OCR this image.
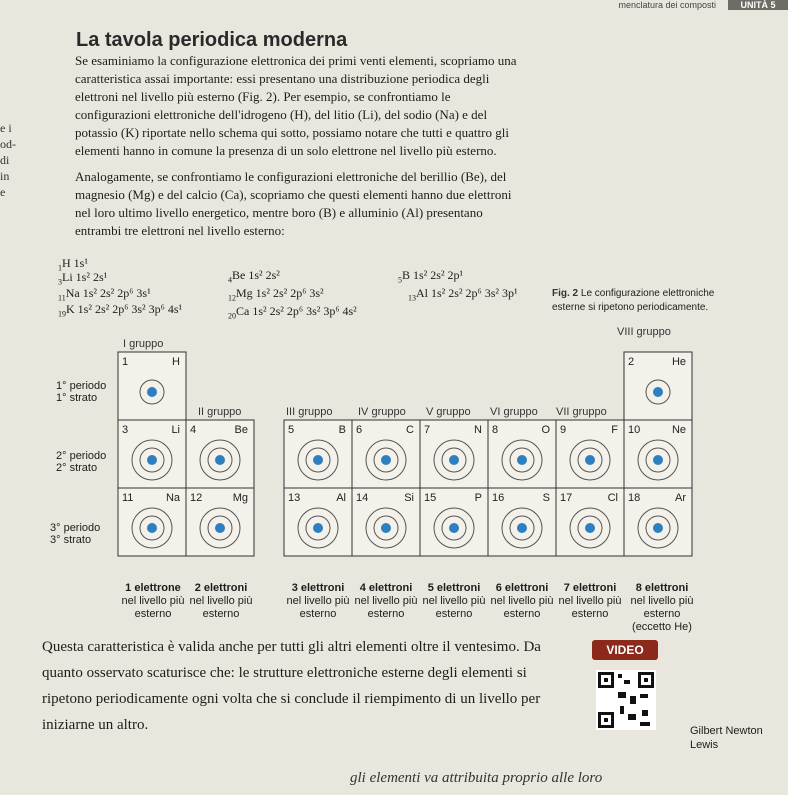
menclatura dei composti	UNITÀ 5
La tavola periodica moderna
e i
od-
di
in
e
Se esaminiamo la configurazione elettronica dei primi venti elementi, scopriamo una caratteristica assai importante: essi presentano una distribuzione periodica degli elettroni nel livello più esterno (Fig. 2). Per esempio, se confrontiamo le configurazioni elettroniche dell'idrogeno (H), del litio (Li), del sodio (Na) e del potassio (K) riportate nello schema qui sotto, possiamo notare che tutti e quattro gli elementi hanno in comune la presenza di un solo elettrone nel livello più esterno.
Analogamente, se confrontiamo le configurazioni elettroniche del berillio (Be), del magnesio (Mg) e del calcio (Ca), scopriamo che questi elementi hanno due elettroni nel loro ultimo livello energetico, mentre boro (B) e alluminio (Al) presentano entrambi tre elettroni nel livello esterno:
$_1$H 1s¹
$_3$Li 1s² 2s¹
$_{11}$Na 1s² 2s² 2p⁶ 3s¹
$_{19}$K 1s² 2s² 2p⁶ 3s² 3p⁶ 4s¹
$_4$Be 1s² 2s²
$_{12}$Mg 1s² 2s² 2p⁶ 3s²
$_{20}$Ca 1s² 2s² 2p⁶ 3s² 3p⁶ 4s²
$_5$B 1s² 2s² 2p¹
$_{13}$Al 1s² 2s² 2p⁶ 3s² 3p¹	Fig. 2 Le configurazione elettroniche esterne si ripetono periodicamente.
I gruppo
II gruppo	III gruppo IV gruppo V gruppo VI gruppo VII gruppo
VIII gruppo
1° periodo
1° strato
2° periodo
2° strato
3° periodo
3° strato
1	H	2	He
3	Li 4	Be	5	B 6	C 7	N 8	O 9	F 10	Ne
11	Na 12	Mg	13	Al 14	Si 15	P 16	S 17	Cl 18	Ar
1 elettrone
nel livello più esterno
2 elettroni
nel livello più esterno
3 elettroni
nel livello più esterno
4 elettroni
nel livello più esterno
5 elettroni
nel livello più esterno
6 elettroni
nel livello più esterno
7 elettroni
nel livello più esterno
8 elettroni
nel livello più esterno (eccetto He)
Questa caratteristica è valida anche per tutti gli altri elementi oltre il ventesimo. Da quanto osservato scaturisce che: le strutture elettroniche esterne degli elementi si ripetono periodicamente ogni volta che si conclude il riempimento di un livello per iniziarne un altro.
VIDEO
Gilbert Newton
Lewis
gli elementi va attribuita proprio alle loro
